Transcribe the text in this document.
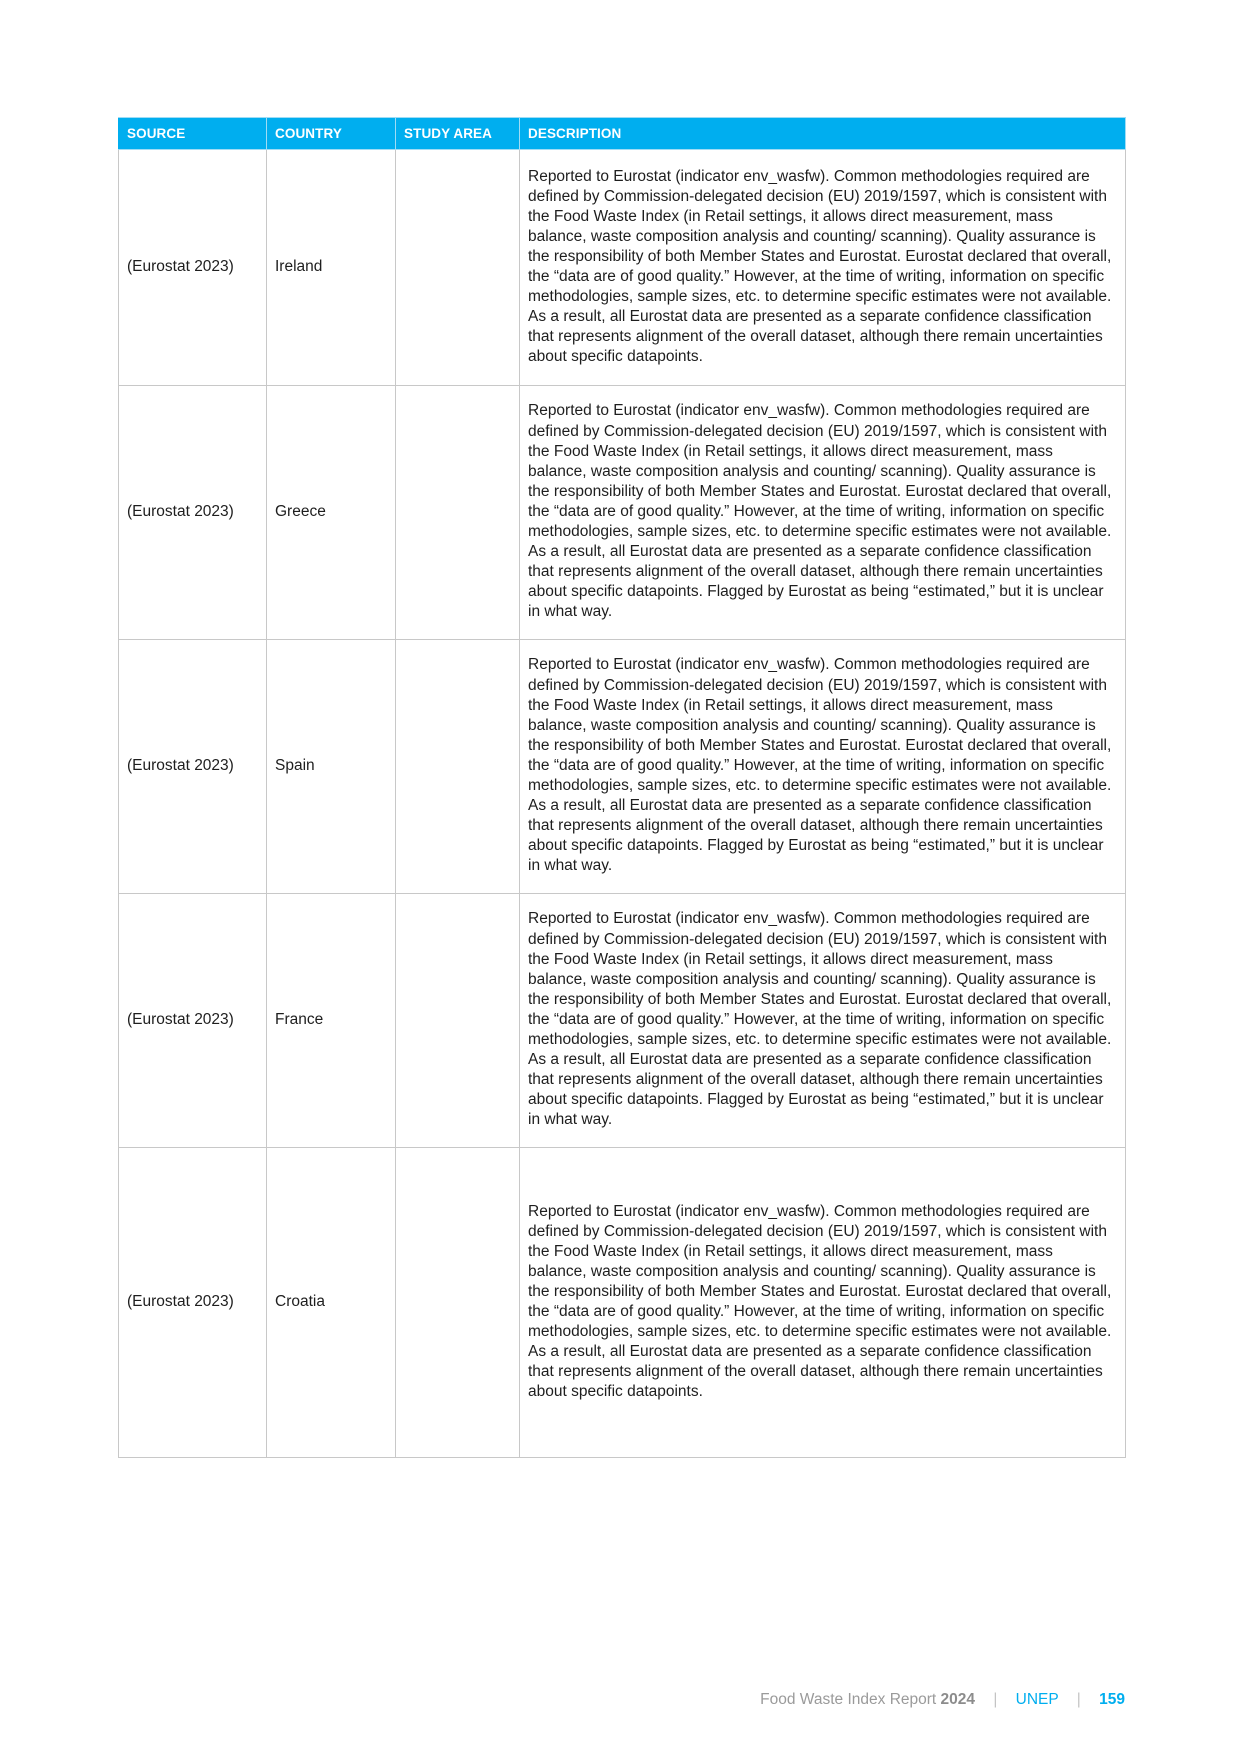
SOURCE	COUNTRY	STUDY AREA	DESCRIPTION
(Eurostat 2023)	Ireland		Reported to Eurostat (indicator env_wasfw). Common methodologies required are defined by Commission-delegated decision (EU) 2019/1597, which is consistent with the Food Waste Index (in Retail settings, it allows direct measurement, mass balance, waste composition analysis and counting/ scanning). Quality assurance is the responsibility of both Member States and Eurostat. Eurostat declared that overall, the “data are of good quality.” However, at the time of writing, information on specific methodologies, sample sizes, etc. to determine specific estimates were not available. As a result, all Eurostat data are presented as a separate confidence classification that represents alignment of the overall dataset, although there remain uncertainties about specific datapoints.
(Eurostat 2023)	Greece		Reported to Eurostat (indicator env_wasfw). Common methodologies required are defined by Commission-delegated decision (EU) 2019/1597, which is consistent with the Food Waste Index (in Retail settings, it allows direct measurement, mass balance, waste composition analysis and counting/ scanning). Quality assurance is the responsibility of both Member States and Eurostat. Eurostat declared that overall, the “data are of good quality.” However, at the time of writing, information on specific methodologies, sample sizes, etc. to determine specific estimates were not available. As a result, all Eurostat data are presented as a separate confidence classification that represents alignment of the overall dataset, although there remain uncertainties about specific datapoints. Flagged by Eurostat as being “estimated,” but it is unclear in what way.
(Eurostat 2023)	Spain		Reported to Eurostat (indicator env_wasfw). Common methodologies required are defined by Commission-delegated decision (EU) 2019/1597, which is consistent with the Food Waste Index (in Retail settings, it allows direct measurement, mass balance, waste composition analysis and counting/ scanning). Quality assurance is the responsibility of both Member States and Eurostat. Eurostat declared that overall, the “data are of good quality.” However, at the time of writing, information on specific methodologies, sample sizes, etc. to determine specific estimates were not available. As a result, all Eurostat data are presented as a separate confidence classification that represents alignment of the overall dataset, although there remain uncertainties about specific datapoints. Flagged by Eurostat as being “estimated,” but it is unclear in what way.
(Eurostat 2023)	France		Reported to Eurostat (indicator env_wasfw). Common methodologies required are defined by Commission-delegated decision (EU) 2019/1597, which is consistent with the Food Waste Index (in Retail settings, it allows direct measurement, mass balance, waste composition analysis and counting/ scanning). Quality assurance is the responsibility of both Member States and Eurostat. Eurostat declared that overall, the “data are of good quality.” However, at the time of writing, information on specific methodologies, sample sizes, etc. to determine specific estimates were not available. As a result, all Eurostat data are presented as a separate confidence classification that represents alignment of the overall dataset, although there remain uncertainties about specific datapoints. Flagged by Eurostat as being “estimated,” but it is unclear in what way.
(Eurostat 2023)	Croatia		Reported to Eurostat (indicator env_wasfw). Common methodologies required are defined by Commission-delegated decision (EU) 2019/1597, which is consistent with the Food Waste Index (in Retail settings, it allows direct measurement, mass balance, waste composition analysis and counting/ scanning). Quality assurance is the responsibility of both Member States and Eurostat. Eurostat declared that overall, the “data are of good quality.” However, at the time of writing, information on specific methodologies, sample sizes, etc. to determine specific estimates were not available. As a result, all Eurostat data are presented as a separate confidence classification that represents alignment of the overall dataset, although there remain uncertainties about specific datapoints.
Food Waste Index Report 2024 | UNEP | 159
